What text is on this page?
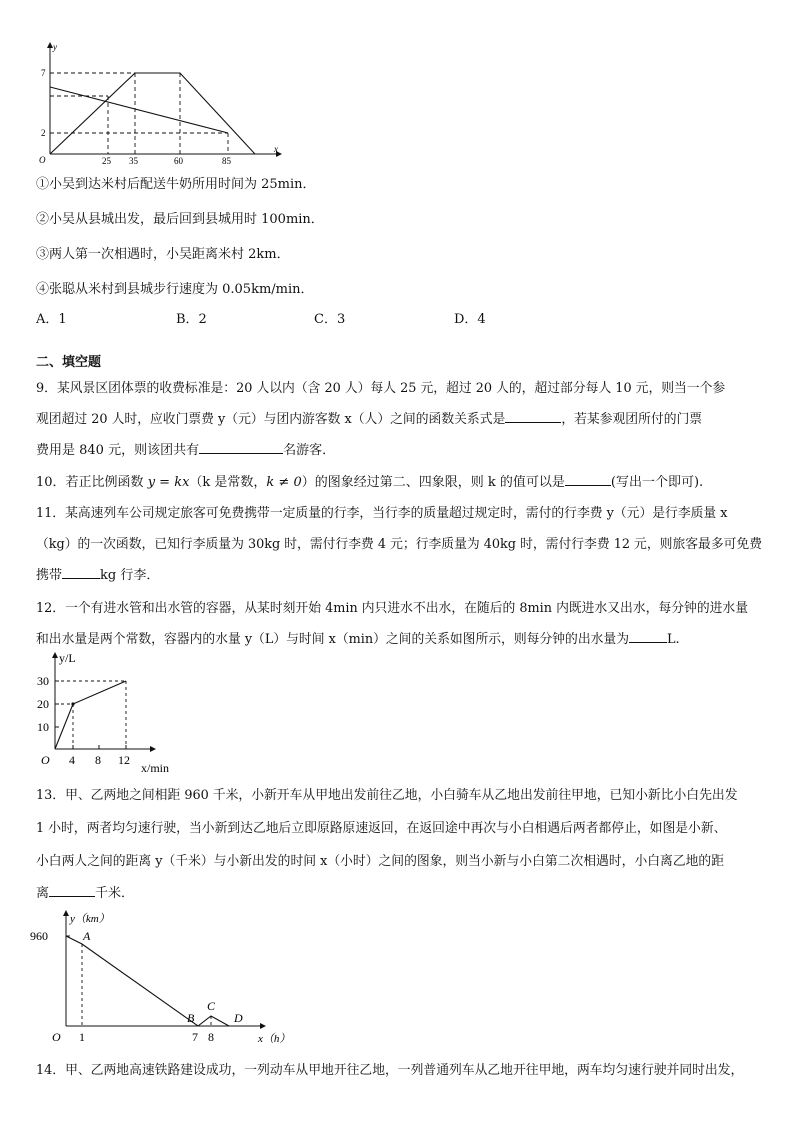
y
x
O
7
2
25 35	60	85
①小吴到达米村后配送牛奶所用时间为 25min．
②小吴从县城出发，最后回到县城用时 100min．
③两人第一次相遇时，小吴距离米村 2km．
④张聪从米村到县城步行速度为 0.05km/min．
A．1	B．2	C．3	D．4
二、填空题
9．某风景区团体票的收费标准是：20 人以内（含 20 人）每人 25 元，超过 20 人的，超过部分每人 10 元，则当一个参
观团超过 20 人时，应收门票费 y（元）与团内游客数 x（人）之间的函数关系式是	，若某参观团所付的门票
费用是 840 元，则该团共有	名游客．
10．若正比例函数 y = kx（k 是常数，k ≠ 0）的图象经过第二、四象限，则 k 的值可以是	(写出一个即可).
11．某高速列车公司规定旅客可免费携带一定质量的行李，当行李的质量超过规定时，需付的行李费 y（元）是行李质量 x
（kg）的一次函数，已知行李质量为 30kg 时，需付行李费 4 元；行李质量为 40kg 时，需付行李费 12 元，则旅客最多可免费
携带	kg 行李．
12．一个有进水管和出水管的容器，从某时刻开始 4min 内只进水不出水，在随后的 8min 内既进水又出水，每分钟的进水量
和出水量是两个常数，容器内的水量 y（L）与时间 x（min）之间的关系如图所示，则每分钟的出水量为	L.
y/L
x/min
O
30
20
10
4 8 12
13．甲、乙两地之间相距 960 千米，小新开车从甲地出发前往乙地，小白骑车从乙地出发前往甲地，已知小新比小白先出发
1 小时，两者均匀速行驶，当小新到达乙地后立即原路原速返回，在返回途中再次与小白相遇后两者都停止，如图是小新、
小白两人之间的距离 y（千米）与小新出发的时间 x（小时）之间的图象，则当小新与小白第二次相遇时，小白离乙地的距
离	千米．
y（km）
x（h）
O
960	A
B
C
D
1	7 8
14．甲、乙两地高速铁路建设成功，一列动车从甲地开往乙地，一列普通列车从乙地开往甲地，两车均匀速行驶并同时出发，
